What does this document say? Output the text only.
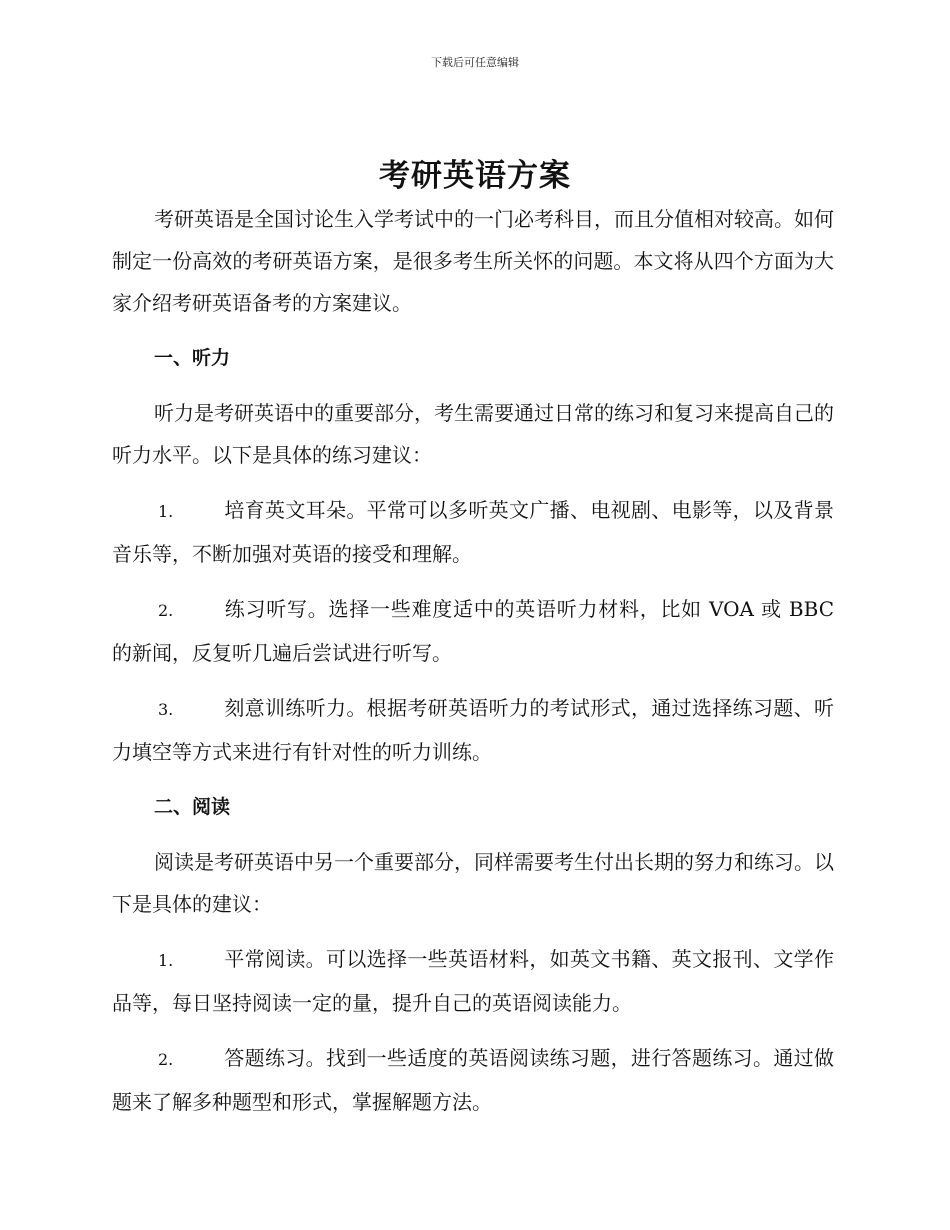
下载后可任意编辑
考研英语方案

考研英语是全国讨论生入学考试中的一门必考科目，而且分值相对较高。如何制定一份高效的考研英语方案，是很多考生所关怀的问题。本文将从四个方面为大家介绍考研英语备考的方案建议。

一、听力

听力是考研英语中的重要部分，考生需要通过日常的练习和复习来提高自己的听力水平。以下是具体的练习建议：

1.	培育英文耳朵。平常可以多听英文广播、电视剧、电影等，以及背景音乐等，不断加强对英语的接受和理解。

2.	练习听写。选择一些难度适中的英语听力材料，比如 VOA 或 BBC 的新闻，反复听几遍后尝试进行听写。

3.	刻意训练听力。根据考研英语听力的考试形式，通过选择练习题、听力填空等方式来进行有针对性的听力训练。

二、阅读

阅读是考研英语中另一个重要部分，同样需要考生付出长期的努力和练习。以下是具体的建议：

1.	平常阅读。可以选择一些英语材料，如英文书籍、英文报刊、文学作品等，每日坚持阅读一定的量，提升自己的英语阅读能力。

2.	答题练习。找到一些适度的英语阅读练习题，进行答题练习。通过做题来了解多种题型和形式，掌握解题方法。
